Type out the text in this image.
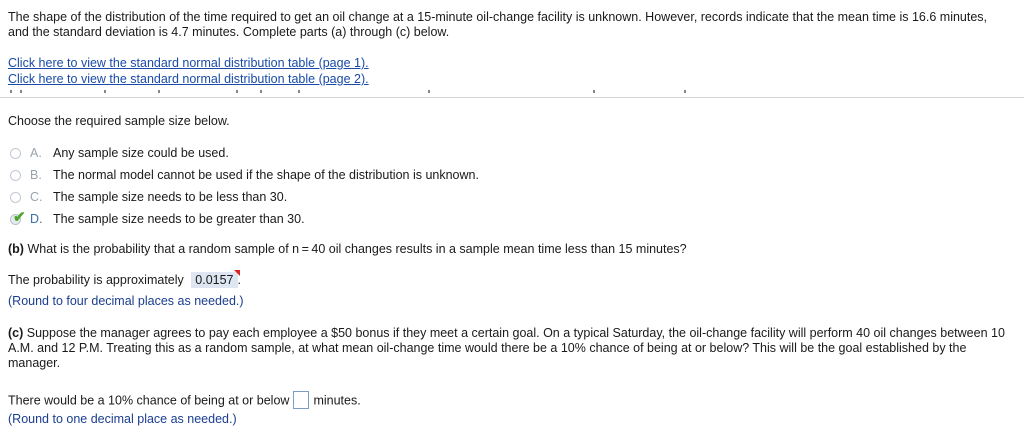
The shape of the distribution of the time required to get an oil change at a 15-minute oil-change facility is unknown. However, records indicate that the mean time is 16.6 minutes, and the standard deviation is 4.7 minutes. Complete parts (a) through (c) below.
Click here to view the standard normal distribution table (page 1).
Click here to view the standard normal distribution table (page 2).
Choose the required sample size below.
A. Any sample size could be used.
B. The normal model cannot be used if the shape of the distribution is unknown.
C. The sample size needs to be less than 30.
✔ D. The sample size needs to be greater than 30.
(b) What is the probability that a random sample of n = 40 oil changes results in a sample mean time less than 15 minutes?
The probability is approximately 0.0157 .
(Round to four decimal places as needed.)
(c) Suppose the manager agrees to pay each employee a $50 bonus if they meet a certain goal. On a typical Saturday, the oil-change facility will perform 40 oil changes between 10 A.M. and 12 P.M. Treating this as a random sample, at what mean oil-change time would there be a 10% chance of being at or below? This will be the goal established by the manager.
There would be a 10% chance of being at or below minutes.
(Round to one decimal place as needed.)
